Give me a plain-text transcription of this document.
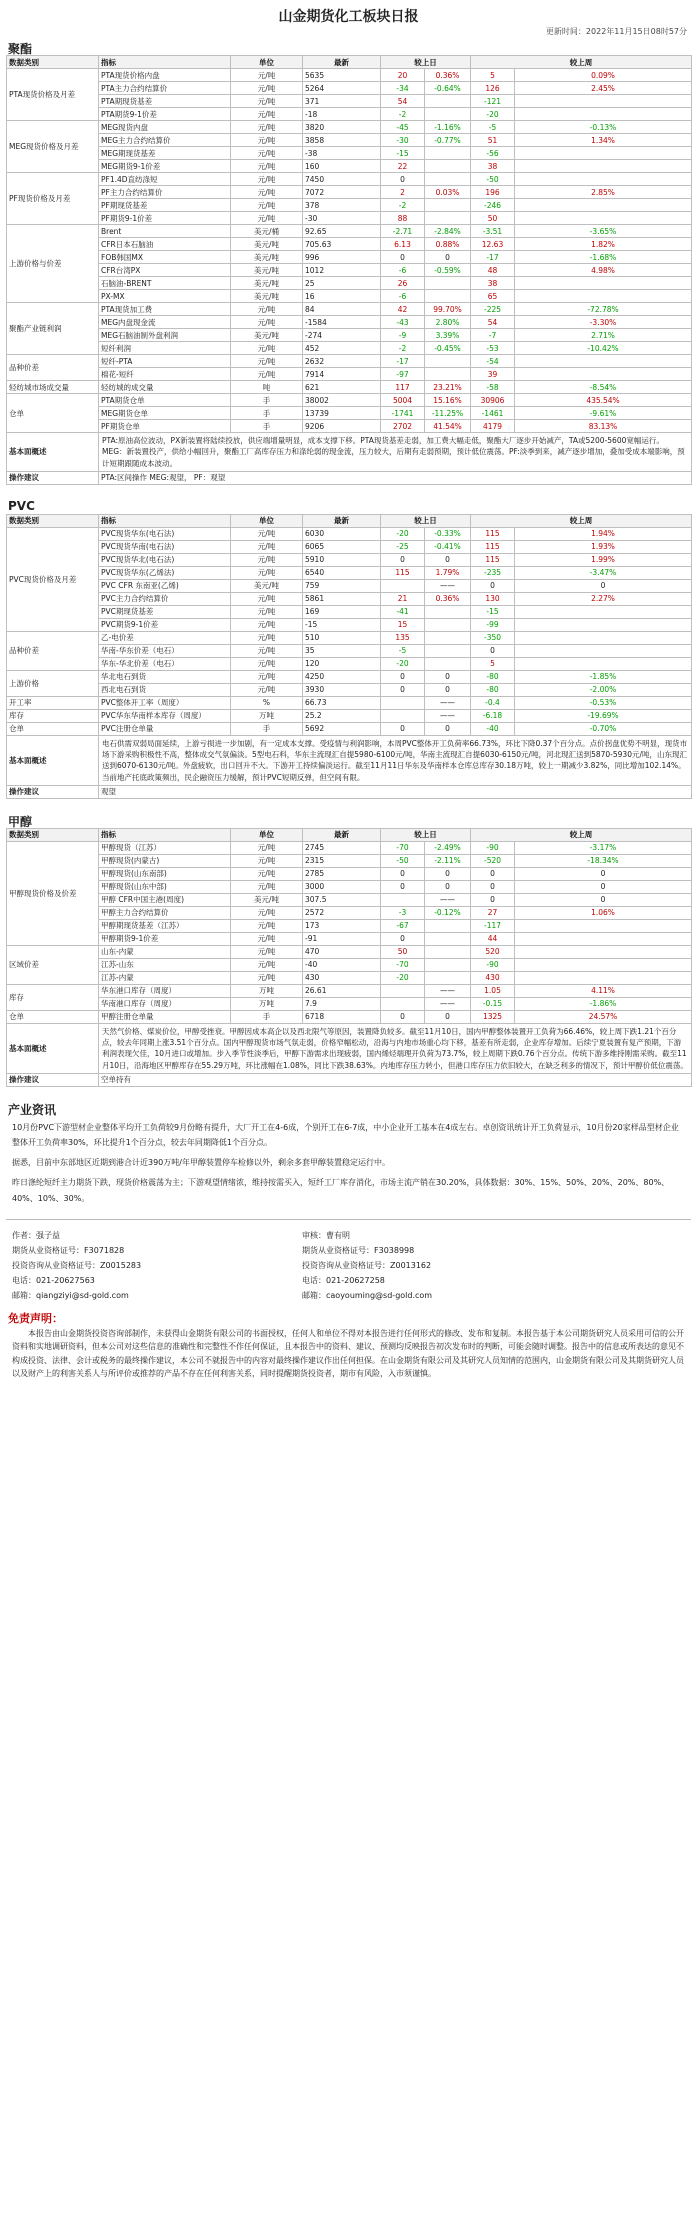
山金期货化工板块日报
更新时间：2022年11月15日08时57分
聚酯
数据类别	指标	单位	最新	较上日		较上周	
PTA现货价格及月差	PTA现货价格内盘	元/吨	5635	20	0.36%	5	0.09%
	PTA主力合约结算价	元/吨	5264	-34	-0.64%	126	2.45%
	PTA期现货基差	元/吨	371	54		-121	
	PTA期货9-1价差	元/吨	-18	-2		-20	
MEG现货价格及月差	MEG现货内盘	元/吨	3820	-45	-1.16%	-5	-0.13%
	MEG主力合约结算价	元/吨	3858	-30	-0.77%	51	1.34%
	MEG期现货基差	元/吨	-38	-15		-56	
	MEG期货9-1价差	元/吨	160	22		38	
PF现货价格及月差	PF1.4D直纺涤短	元/吨	7450	0		-50	
	PF主力合约结算价	元/吨	7072	2	0.03%	196	2.85%
	PF期现货基差	元/吨	378	-2		-246	
	PF期货9-1价差	元/吨	-30	88		50	
上游价格与价差	Brent	美元/桶	92.65	-2.71	-2.84%	-3.51	-3.65%
	CFR日本石脑油	美元/吨	705.63	6.13	0.88%	12.63	1.82%
	FOB韩国MX	美元/吨	996	0	0	-17	-1.68%
	CFR台湾PX	美元/吨	1012	-6	-0.59%	48	4.98%
	石脑油-BRENT	美元/吨	25	26		38	
	PX-MX	美元/吨	16	-6		65	
聚酯产业链利润	PTA现货加工费	元/吨	84	42	99.70%	-225	-72.78%
	MEG内盘现金流	元/吨	-1584	-43	2.80%	54	-3.30%
	MEG石脑油制外盘利润	美元/吨	-274	-9	3.39%	-7	2.71%
	短纤利润	元/吨	452	-2	-0.45%	-53	-10.42%
品种价差	短纤-PTA	元/吨	2632	-17		-54	
	棉花-短纤	元/吨	7914	-97		39	
轻纺城市场成交量	轻纺城的成交量	吨	621	117	23.21%	-58	-8.54%
仓单	PTA期货仓单	手	38002	5004	15.16%	30906	435.54%
	MEG期货仓单	手	13739	-1741	-11.25%	-1461	-9.61%
	PF期货仓单	手	9206	2702	41.54%	4179	83.13%
基本面概述	PTA:原油高位波动，PX新装置将陆续投放，供应端增量明显，成本支撑下移。PTA现货基差走弱，加工费大幅走低，聚酯大厂逐步开始减产，TA或5200-5600宽幅运行。MEG：新装置投产，供给小幅回升，聚酯工厂高库存压力和涤纶弱的现金流，压力较大，后期有走弱预期，预计低位震荡。PF:淡季到来，减产逐步增加，叠加受成本端影响，预计短期跟随成本波动。						
操作建议	PTA:区间操作 MEG:观望， PF：观望						
PVC
数据类别	指标	单位	最新	较上日		较上周	
PVC现货价格及月差	PVC现货华东(电石法)	元/吨	6030	-20	-0.33%	115	1.94%
	PVC现货华南(电石法)	元/吨	6065	-25	-0.41%	115	1.93%
	PVC现货华北(电石法)	元/吨	5910	0	0	115	1.99%
	PVC现货华东(乙烯法)	元/吨	6540	115	1.79%	-235	-3.47%
	PVC CFR 东南亚(乙烯)	美元/吨	759		——	0	0
	PVC主力合约结算价	元/吨	5861	21	0.36%	130	2.27%
	PVC期现货基差	元/吨	169	-41		-15	
	PVC期货9-1价差	元/吨	-15	15		-99	
品种价差	乙-电价差	元/吨	510	135		-350	
	华南-华东价差（电石）	元/吨	35	-5		0	
	华东-华北价差（电石）	元/吨	120	-20		5	
上游价格	华北电石到货	元/吨	4250	0	0	-80	-1.85%
	西北电石到货	元/吨	3930	0	0	-80	-2.00%
开工率	PVC整体开工率（周度）	%	66.73		——	-0.4	-0.53%
库存	PVC华东华南样本库存（周度）	万吨	25.2		——	-6.18	-19.69%
仓单	PVC注册仓单量	手	5692	0	0	-40	-0.70%
基本面概述	电石供需双弱局面延续，上游亏损进一步加剧，有一定成本支撑。受疫情与利润影响，本周PVC整体开工负荷率66.73%，环比下降0.37个百分点。点价拐盘优势不明显，现货市场下游采购积极性不高，整体成交气氛偏淡。5型电石料，华东主流现汇自提5980-6100元/吨，华南主流现汇自提6030-6150元/吨，河北现汇送到5870-5930元/吨，山东现汇送到6070-6130元/吨。外盘疲软，出口回升不大。下游开工持续偏淡运行。截至11月11日华东及华南样本仓库总库存30.18万吨，较上一期减少3.82%，同比增加102.14%。当前地产托底政策频出，民企融资压力缓解，预计PVC短期反弹，但空间有限。						
操作建议	观望						
甲醇
数据类别	指标	单位	最新	较上日		较上周	
甲醇现货价格及价差	甲醇现货（江苏）	元/吨	2745	-70	-2.49%	-90	-3.17%
	甲醇现货(内蒙古)	元/吨	2315	-50	-2.11%	-520	-18.34%
	甲醇现货(山东南部)	元/吨	2785	0	0	0	0
	甲醇现货(山东中部)	元/吨	3000	0	0	0	0
	甲醇 CFR中国主港(周度)	美元/吨	307.5		——	0	0
	甲醇主力合约结算价	元/吨	2572	-3	-0.12%	27	1.06%
	甲醇期现货基差（江苏）	元/吨	173	-67		-117	
	甲醇期货9-1价差	元/吨	-91	0		44	
区域价差	山东-内蒙	元/吨	470	50		520	
	江苏-山东	元/吨	-40	-70		-90	
	江苏-内蒙	元/吨	430	-20		430	
库存	华东港口库存（周度）	万吨	26.61		——	1.05	4.11%
	华南港口库存（周度）	万吨	7.9		——	-0.15	-1.86%
仓单	甲醇注册仓单量	手	6718	0	0	1325	24.57%
基本面概述	天然气价格、煤炭价位，甲醇受挫衰。甲醇因成本高企以及西北限气等原因，装置降负较多。截至11月10日，国内甲醇整体装置开工负荷为66.46%，较上周下跌1.21个百分点，较去年同期上涨3.51个百分点。国内甲醇现货市场气氛走弱，价格窄幅松动，沿海与内地市场重心均下移，基差有所走弱，企业库存增加。后续宁夏装置有复产预期，下游利润表现欠佳，10月进口或增加。步入季节性淡季后，甲醇下游需求出现疲弱，国内烯烃端理开负荷为73.7%，较上周期下跌0.76个百分点。传统下游多维持刚需采购。截至11月10日，沿海地区甲醇库存在55.29万吨，环比涨幅在1.08%，同比下跌38.63%。内地库存压力转小，但港口库存压力依旧较大，在缺乏利多的情况下，预计甲醇价低位震荡。						
操作建议	空单持有						
产业资讯

10月份PVC下游型材企业整体平均开工负荷较9月份略有提升，大厂开工在4-6成，个别开工在6-7成，中小企业开工基本在4成左右。卓创资讯统计开工负荷显示，10月份20家样品型材企业整体开工负荷率30%，环比提升1个百分点，较去年同期降低1个百分点。

据悉，目前中东部地区近期到港合计近390万吨/年甲醇装置停车检修以外，剩余多套甲醇装置稳定运行中。

昨日涤纶短纤主力期货下跌，现货价格震荡为主；下游观望情绪浓，维持按需买入，短纤工厂库存消化，市场主流产销在30.20%，具体数据：30%、15%、50%、20%、20%、80%、40%、10%、30%。

作者：强子益
期货从业资格证号：F3071828
投资咨询从业资格证号：Z0015283
电话：021-20627563
邮箱：qiangziyi@sd-gold.com
审核：曹有明
期货从业资格证号：F3038998
投资咨询从业资格证号：Z0013162
电话：021-20627258
邮箱：caoyouming@sd-gold.com
免责声明：
本报告由山金期货投资咨询部制作，未获得山金期货有限公司的书面授权，任何人和单位不得对本报告进行任何形式的修改、发布和复制。本报告基于本公司期货研究人员采用可信的公开资料和实地调研资料，但本公司对这些信息的准确性和完整性不作任何保证，且本报告中的资料、建议、预测均反映报告初次发布时的判断，可能会随时调整。报告中的信息或所表达的意见不构成投资、法律、会计或税务的最终操作建议，本公司不就报告中的内容对最终操作建议作出任何担保。在山金期货有限公司及其研究人员知情的范围内，山金期货有限公司及其期货研究人员以及财产上的利害关系人与所评价或推荐的产品不存在任何利害关系，同时提醒期货投资者，期市有风险，入市须谨慎。
